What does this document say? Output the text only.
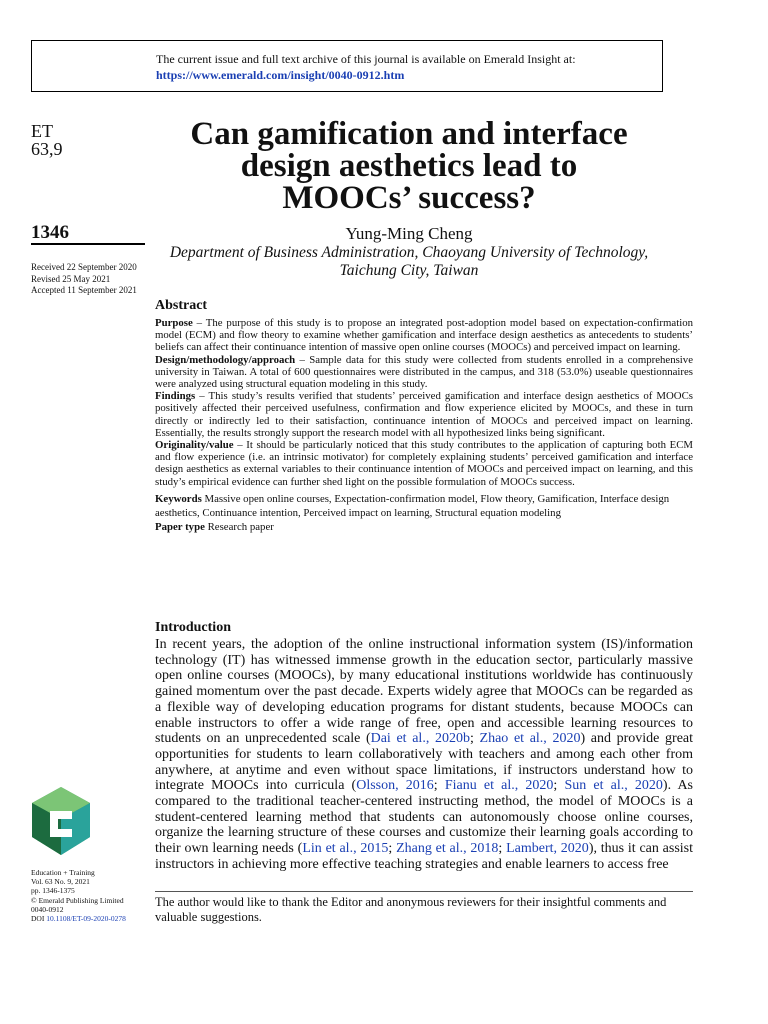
The current issue and full text archive of this journal is available on Emerald Insight at:
https://www.emerald.com/insight/0040-0912.htm
ET
63,9
1346
Received 22 September 2020
Revised 25 May 2021
Accepted 11 September 2021
Can gamification and interface
design aesthetics lead to
MOOCs’ success?
Yung-Ming Cheng
Department of Business Administration, Chaoyang University of Technology,
Taichung City, Taiwan
Abstract

Purpose – The purpose of this study is to propose an integrated post-adoption model based on expectation-confirmation model (ECM) and flow theory to examine whether gamification and interface design aesthetics as antecedents to students’ beliefs can affect their continuance intention of massive open online courses (MOOCs) and perceived impact on learning.

Design/methodology/approach – Sample data for this study were collected from students enrolled in a comprehensive university in Taiwan. A total of 600 questionnaires were distributed in the campus, and 318 (53.0%) useable questionnaires were analyzed using structural equation modeling in this study.

Findings – This study’s results verified that students’ perceived gamification and interface design aesthetics of MOOCs positively affected their perceived usefulness, confirmation and flow experience elicited by MOOCs, and these in turn directly or indirectly led to their satisfaction, continuance intention of MOOCs and perceived impact on learning. Essentially, the results strongly support the research model with all hypothesized links being significant.

Originality/value – It should be particularly noticed that this study contributes to the application of capturing both ECM and flow experience (i.e. an intrinsic motivator) for completely explaining students’ perceived gamification and interface design aesthetics as external variables to their continuance intention of MOOCs and perceived impact on learning, and this study’s empirical evidence can further shed light on the possible formulation of MOOCs success.

Keywords Massive open online courses, Expectation-confirmation model, Flow theory, Gamification, Interface design aesthetics, Continuance intention, Perceived impact on learning, Structural equation modeling
Paper type Research paper
Introduction

In recent years, the adoption of the online instructional information system (IS)/information technology (IT) has witnessed immense growth in the education sector, particularly massive open online courses (MOOCs), by many educational institutions worldwide has continuously gained momentum over the past decade. Experts widely agree that MOOCs can be regarded as a flexible way of developing education programs for distant students, because MOOCs can enable instructors to offer a wide range of free, open and accessible learning resources to students on an unprecedented scale (Dai et al., 2020b; Zhao et al., 2020) and provide great opportunities for students to learn collaboratively with teachers and among each other from anywhere, at anytime and even without space limitations, if instructors understand how to integrate MOOCs into curricula (Olsson, 2016; Fianu et al., 2020; Sun et al., 2020). As compared to the traditional teacher-centered instructing method, the model of MOOCs is a student-centered learning method that students can autonomously choose online courses, organize the learning structure of these courses and customize their learning goals according to their own learning needs (Lin et al., 2015; Zhang et al., 2018; Lambert, 2020), thus it can assist instructors in achieving more effective teaching strategies and enable learners to access free

The author would like to thank the Editor and anonymous reviewers for their insightful comments and valuable suggestions.
Education + Training
Vol. 63 No. 9, 2021
pp. 1346-1375
© Emerald Publishing Limited
0040-0912
DOI 10.1108/ET-09-2020-0278
